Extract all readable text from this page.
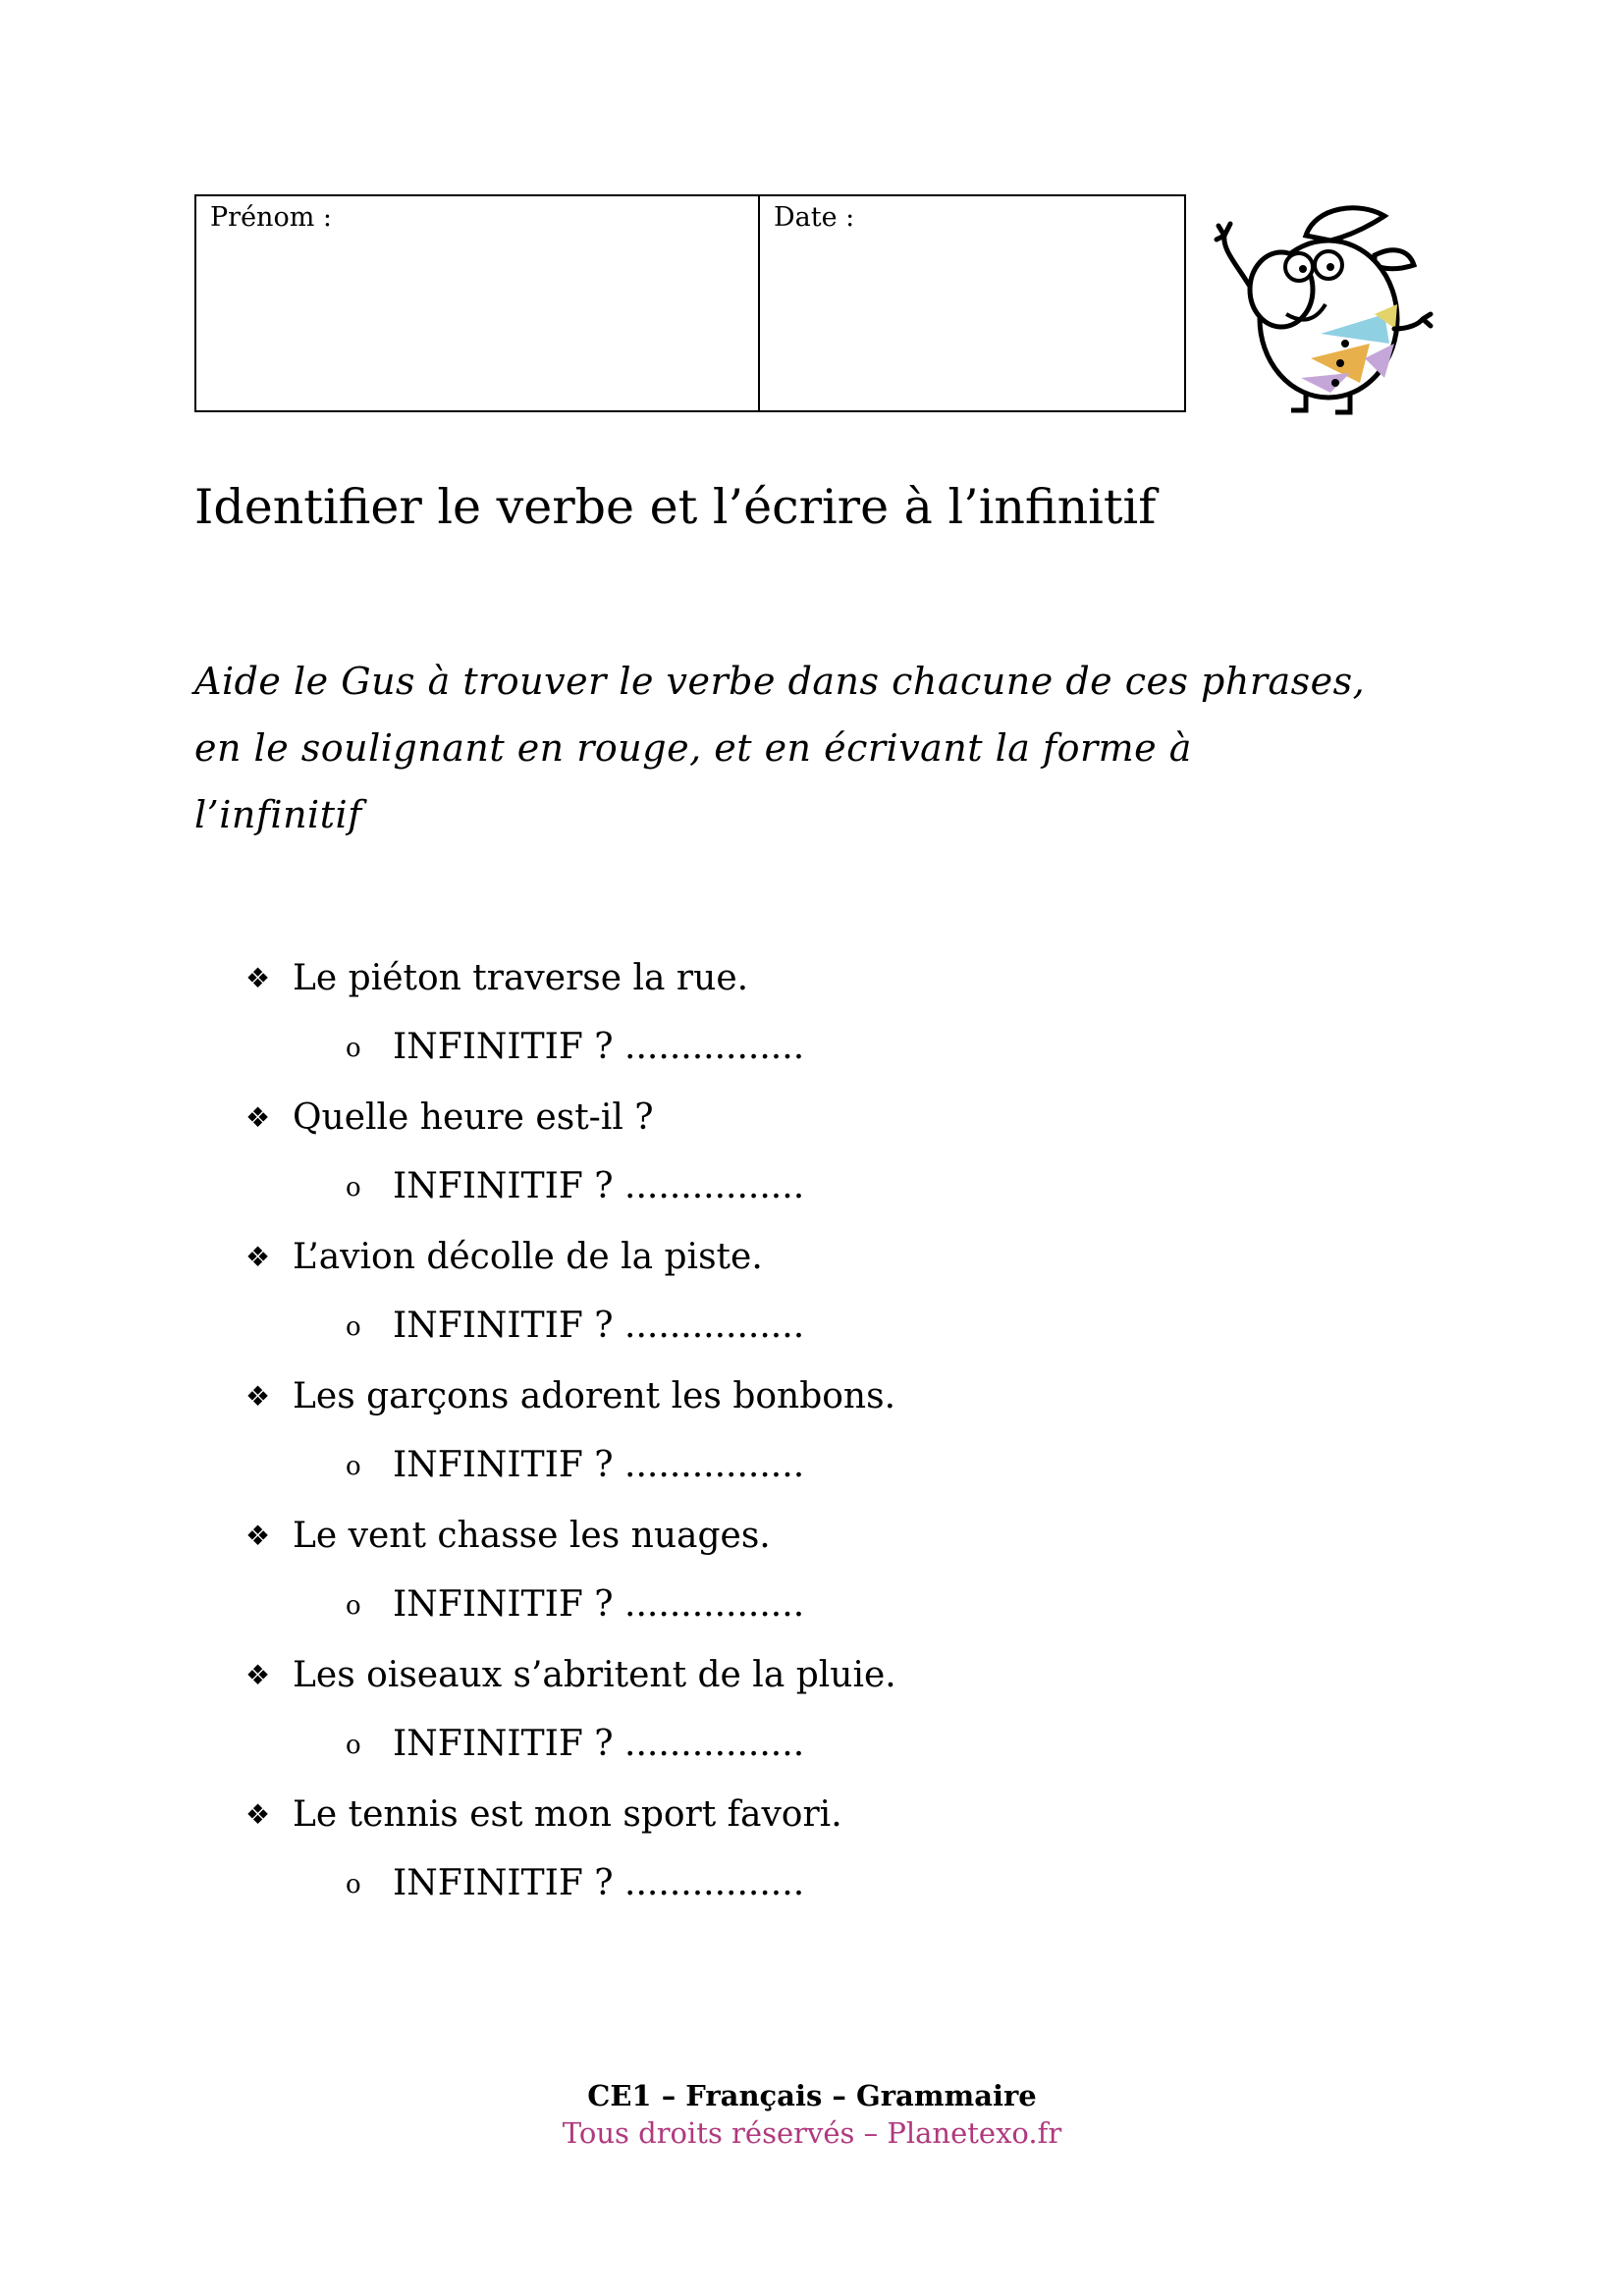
Prénom :	Date :
Identifier le verbe et l’écrire à l’infinitif
Aide le Gus à trouver le verbe dans chacune de ces phrases,
en le soulignant en rouge, et en écrivant la forme à
l’infinitif
❖ Le piéton traverse la rue.
o INFINITIF ? ................
❖ Quelle heure est-il ?
o INFINITIF ? ................
❖ L’avion décolle de la piste.
o INFINITIF ? ................
❖ Les garçons adorent les bonbons.
o INFINITIF ? ................
❖ Le vent chasse les nuages.
o INFINITIF ? ................
❖ Les oiseaux s’abritent de la pluie.
o INFINITIF ? ................
❖ Le tennis est mon sport favori.
o INFINITIF ? ................
CE1 – Français – Grammaire
Tous droits réservés – Planetexo.fr
